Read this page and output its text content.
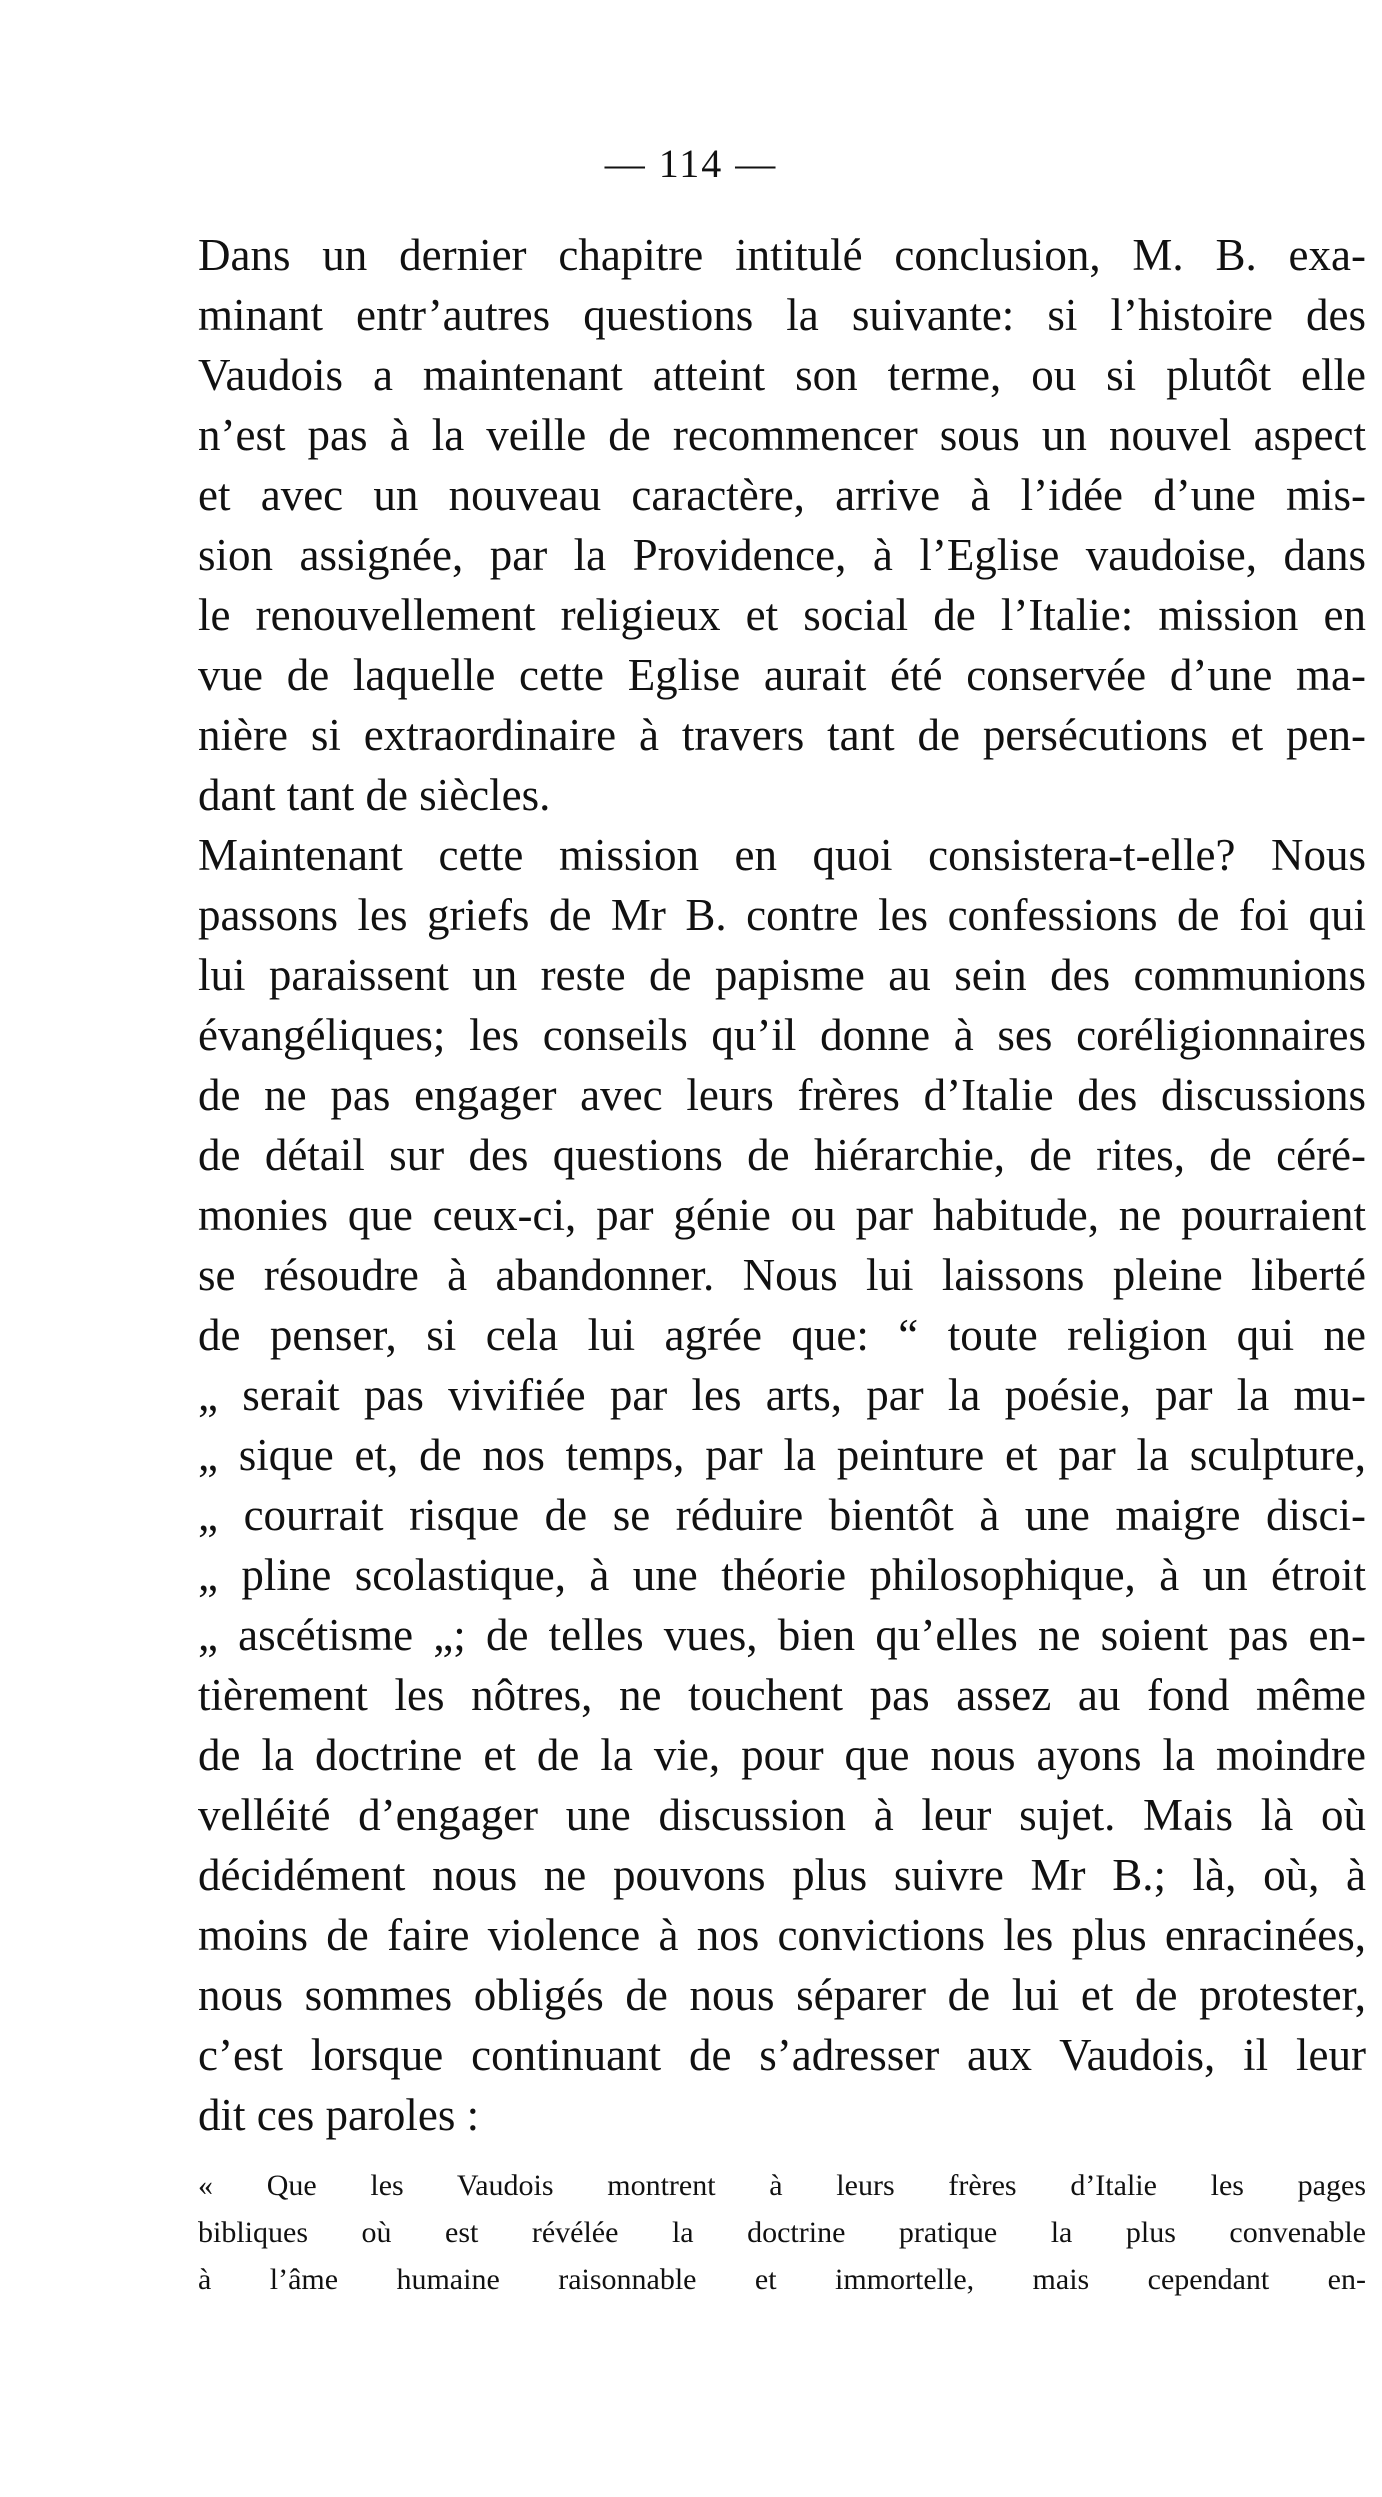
— 114 —
Dans un dernier chapitre intitulé conclusion, M. B. exa-
minant entr’autres questions la suivante: si l’histoire des
Vaudois a maintenant atteint son terme, ou si plutôt elle
n’est pas à la veille de recommencer sous un nouvel aspect
et avec un nouveau caractère, arrive à l’idée d’une mis-
sion assignée, par la Providence, à l’Eglise vaudoise, dans
le renouvellement religieux et social de l’Italie: mission en
vue de laquelle cette Eglise aurait été conservée d’une ma-
nière si extraordinaire à travers tant de persécutions et pen-
dant tant de siècles.
Maintenant cette mission en quoi consistera-t-elle? Nous
passons les griefs de Mr B. contre les confessions de foi qui
lui paraissent un reste de papisme au sein des communions
évangéliques; les conseils qu’il donne à ses coréligionnaires
de ne pas engager avec leurs frères d’Italie des discussions
de détail sur des questions de hiérarchie, de rites, de céré-
monies que ceux-ci, par génie ou par habitude, ne pourraient
se résoudre à abandonner. Nous lui laissons pleine liberté
de penser, si cela lui agrée que: “ toute religion qui ne
„ serait pas vivifiée par les arts, par la poésie, par la mu-
„ sique et, de nos temps, par la peinture et par la sculpture,
„ courrait risque de se réduire bientôt à une maigre disci-
„ pline scolastique, à une théorie philosophique, à un étroit
„ ascétisme „; de telles vues, bien qu’elles ne soient pas en-
tièrement les nôtres, ne touchent pas assez au fond même
de la doctrine et de la vie, pour que nous ayons la moindre
velléité d’engager une discussion à leur sujet. Mais là où
décidément nous ne pouvons plus suivre Mr B.; là, où, à
moins de faire violence à nos convictions les plus enracinées,
nous sommes obligés de nous séparer de lui et de protester,
c’est lorsque continuant de s’adresser aux Vaudois, il leur
dit ces paroles :
« Que les Vaudois montrent à leurs frères d’Italie les pages
bibliques où est révélée la doctrine pratique la plus convenable
à l’âme humaine raisonnable et immortelle, mais cependant en-
